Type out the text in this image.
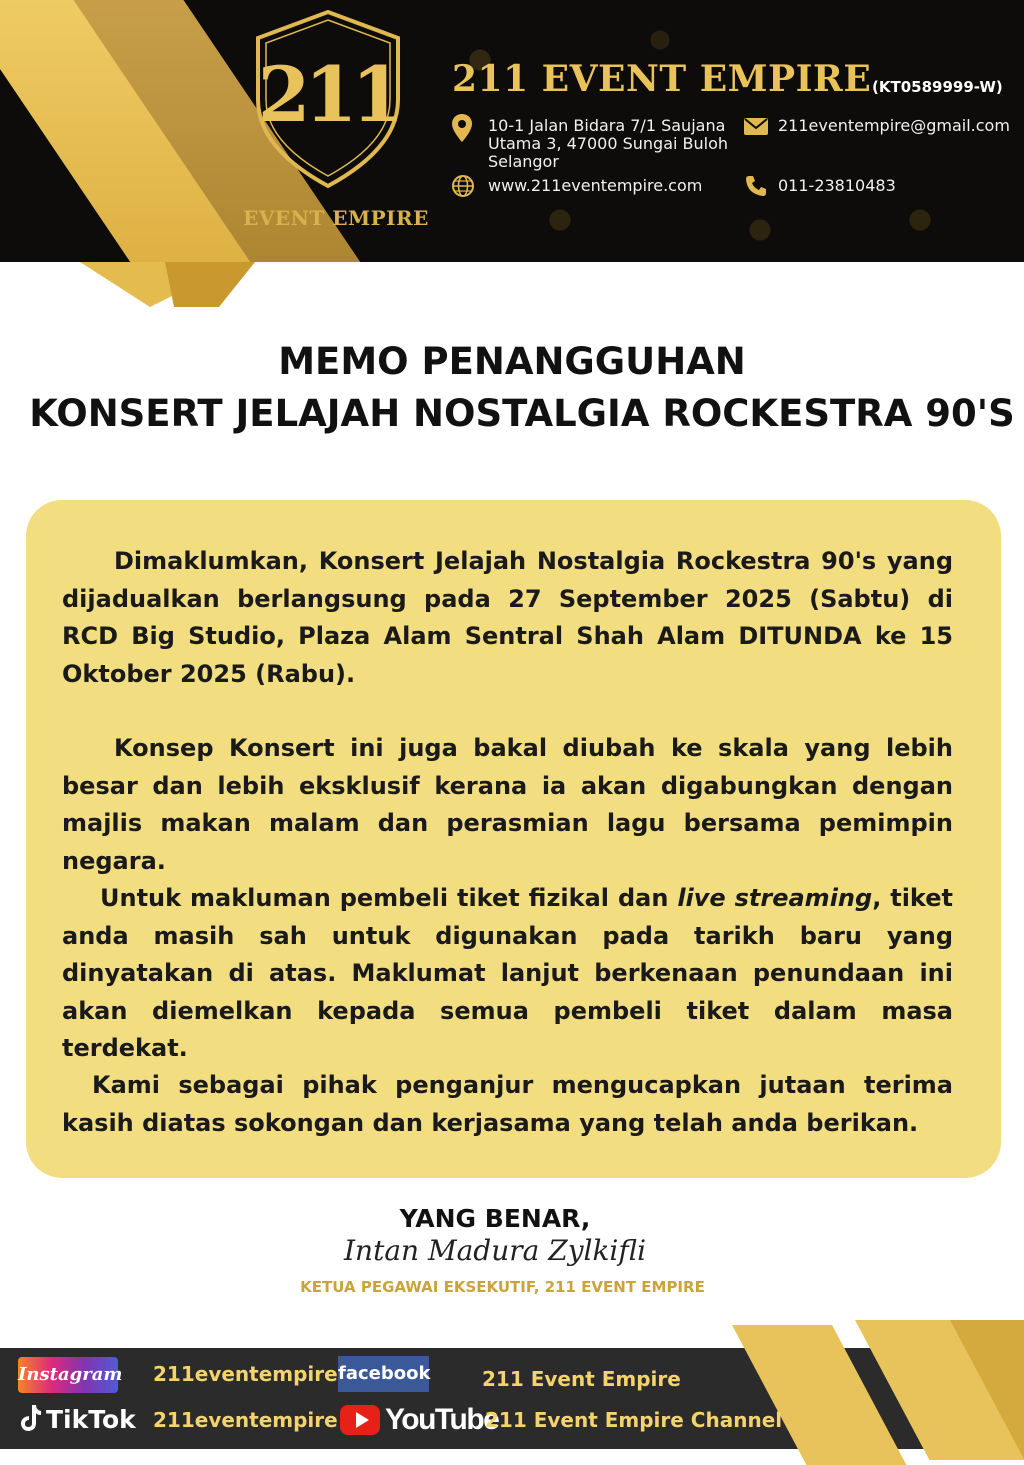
211
EVENT EMPIRE
211 EVENT EMPIRE (KT0589999-W)
10-1 Jalan Bidara 7/1 Saujana Utama 3, 47000 Sungai Buloh Selangor
211eventempire@gmail.com
www.211eventempire.com	011-23810483
MEMO PENANGGUHAN
KONSERT JELAJAH NOSTALGIA ROCKESTRA 90'S

Dimaklumkan, Konsert Jelajah Nostalgia Rockestra 90's yang dijadualkan berlangsung pada 27 September 2025 (Sabtu) di RCD Big Studio, Plaza Alam Sentral Shah Alam DITUNDA ke 15 Oktober 2025 (Rabu).

Konsep Konsert ini juga bakal diubah ke skala yang lebih besar dan lebih eksklusif kerana ia akan digabungkan dengan majlis makan malam dan perasmian lagu bersama pemimpin negara.

Untuk makluman pembeli tiket fizikal dan live streaming, tiket anda masih sah untuk digunakan pada tarikh baru yang dinyatakan di atas. Maklumat lanjut berkenaan penundaan ini akan diemelkan kepada semua pembeli tiket dalam masa terdekat.

Kami sebagai pihak penganjur mengucapkan jutaan terima kasih diatas sokongan dan kerjasama yang telah anda berikan.

YANG BENAR,
Intan Madura Zylkifli
KETUA PEGAWAI EKSEKUTIF, 211 EVENT EMPIRE
Instagram 211eventempire facebook	211 Event Empire
TikTok 211eventempire YouTube
211 Event Empire Channel
